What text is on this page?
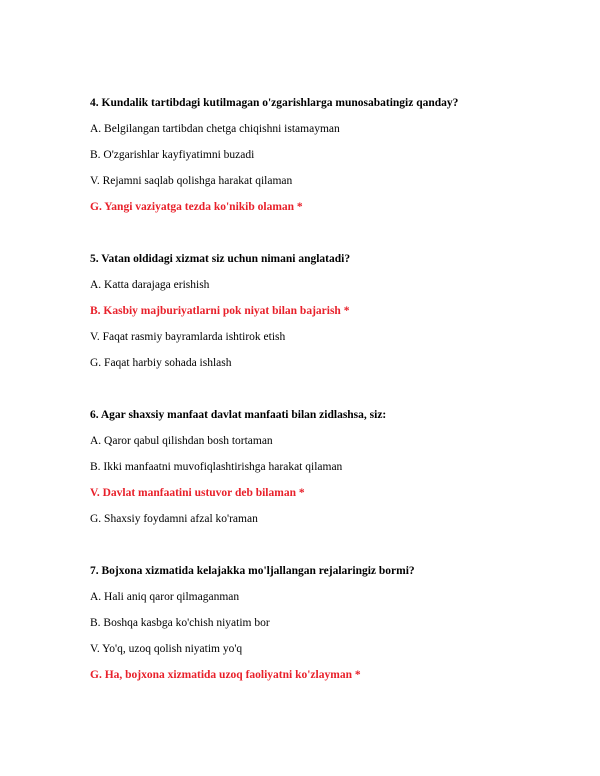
4. Kundalik tartibdagi kutilmagan o'zgarishlarga munosabatingiz qanday?
A. Belgilangan tartibdan chetga chiqishni istamayman
B. O'zgarishlar kayfiyatimni buzadi
V. Rejamni saqlab qolishga harakat qilaman
G. Yangi vaziyatga tezda ko'nikib olaman *
5. Vatan oldidagi xizmat siz uchun nimani anglatadi?
A. Katta darajaga erishish
B. Kasbiy majburiyatlarni pok niyat bilan bajarish *
V. Faqat rasmiy bayramlarda ishtirok etish
G. Faqat harbiy sohada ishlash
6. Agar shaxsiy manfaat davlat manfaati bilan zidlashsa, siz:
A. Qaror qabul qilishdan bosh tortaman
B. Ikki manfaatni muvofiqlashtirishga harakat qilaman
V. Davlat manfaatini ustuvor deb bilaman *
G. Shaxsiy foydamni afzal ko'raman
7. Bojxona xizmatida kelajakka mo'ljallangan rejalaringiz bormi?
A. Hali aniq qaror qilmaganman
B. Boshqa kasbga ko'chish niyatim bor
V. Yo'q, uzoq qolish niyatim yo'q
G. Ha, bojxona xizmatida uzoq faoliyatni ko'zlayman *
